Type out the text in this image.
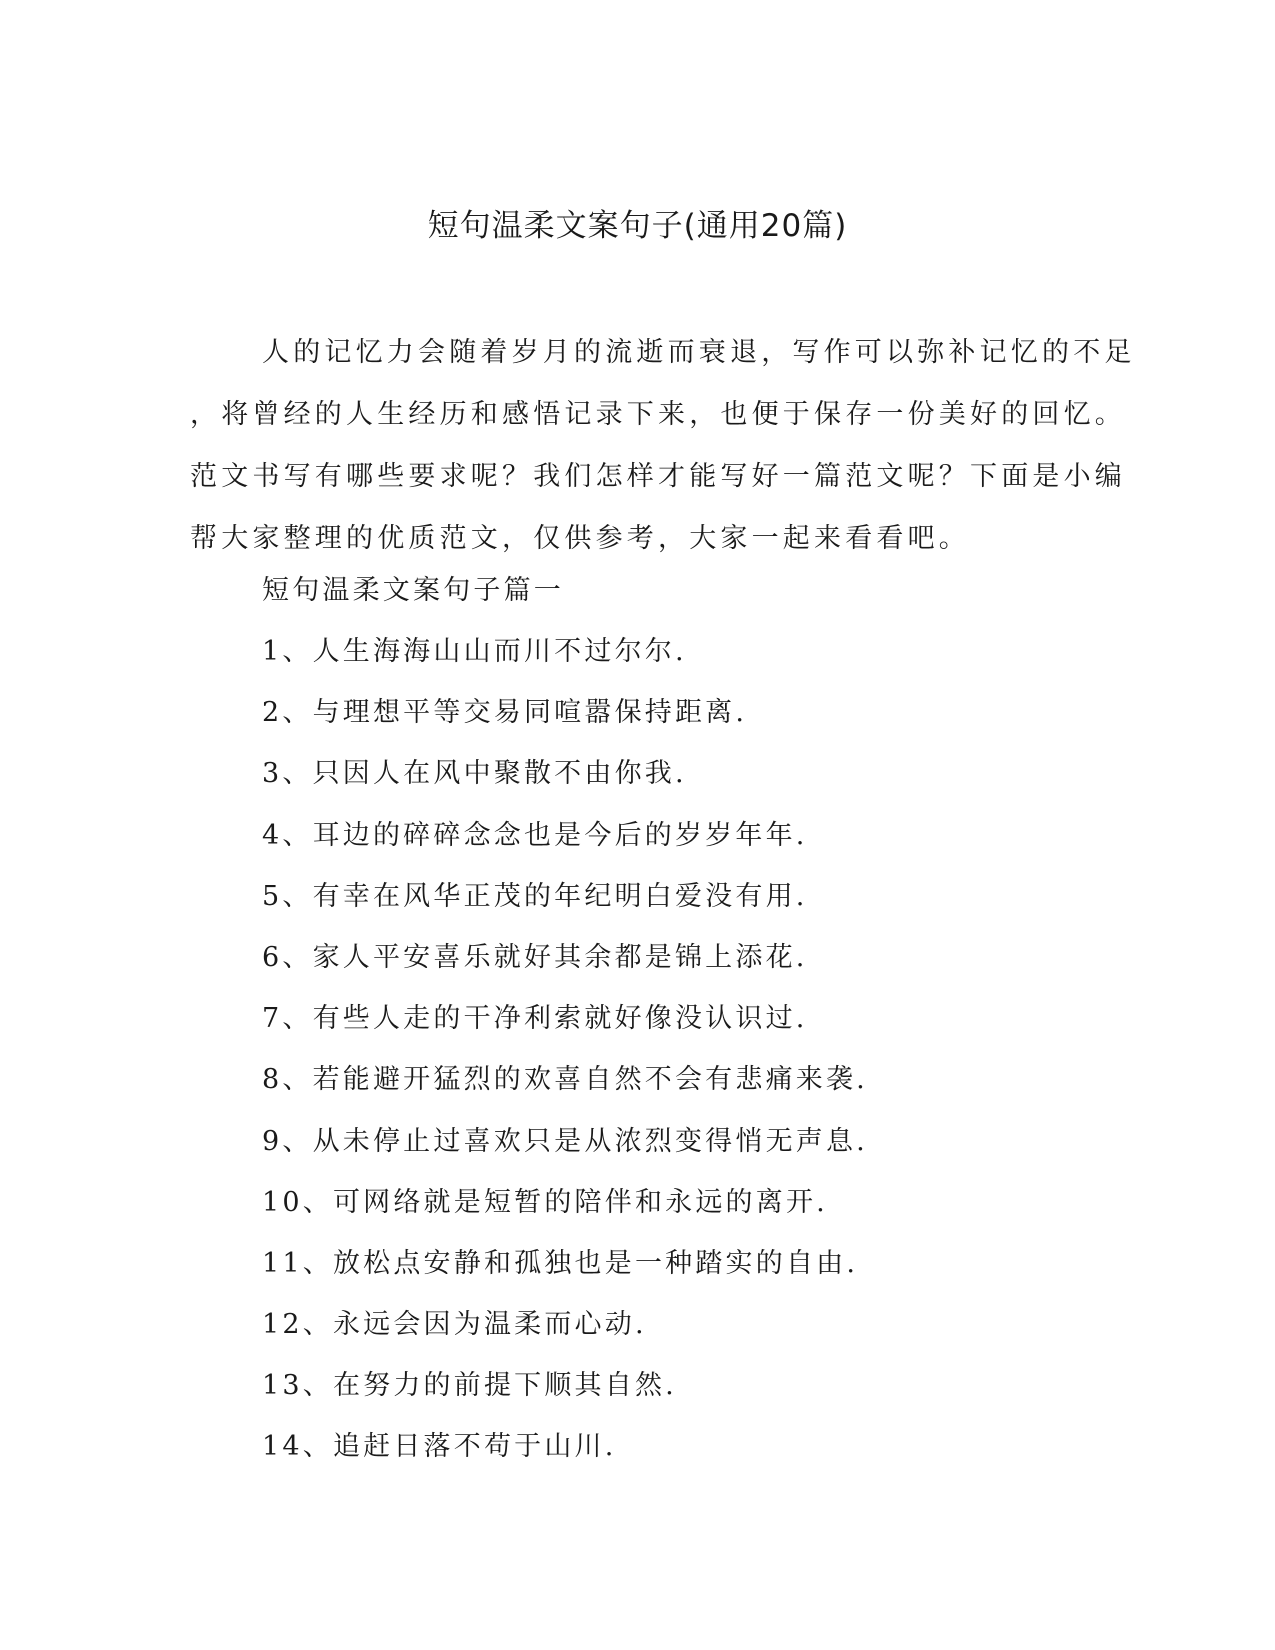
短句温柔文案句子(通用20篇)
人的记忆力会随着岁月的流逝而衰退，写作可以弥补记忆的不足
，将曾经的人生经历和感悟记录下来，也便于保存一份美好的回忆。
范文书写有哪些要求呢？我们怎样才能写好一篇范文呢？下面是小编
帮大家整理的优质范文，仅供参考，大家一起来看看吧。
短句温柔文案句子篇一
1、人生海海山山而川不过尔尔.
2、与理想平等交易同喧嚣保持距离.
3、只因人在风中聚散不由你我.
4、耳边的碎碎念念也是今后的岁岁年年.
5、有幸在风华正茂的年纪明白爱没有用.
6、家人平安喜乐就好其余都是锦上添花.
7、有些人走的干净利索就好像没认识过.
8、若能避开猛烈的欢喜自然不会有悲痛来袭.
9、从未停止过喜欢只是从浓烈变得悄无声息.
10、可网络就是短暂的陪伴和永远的离开.
11、放松点安静和孤独也是一种踏实的自由.
12、永远会因为温柔而心动.
13、在努力的前提下顺其自然.
14、追赶日落不苟于山川.
